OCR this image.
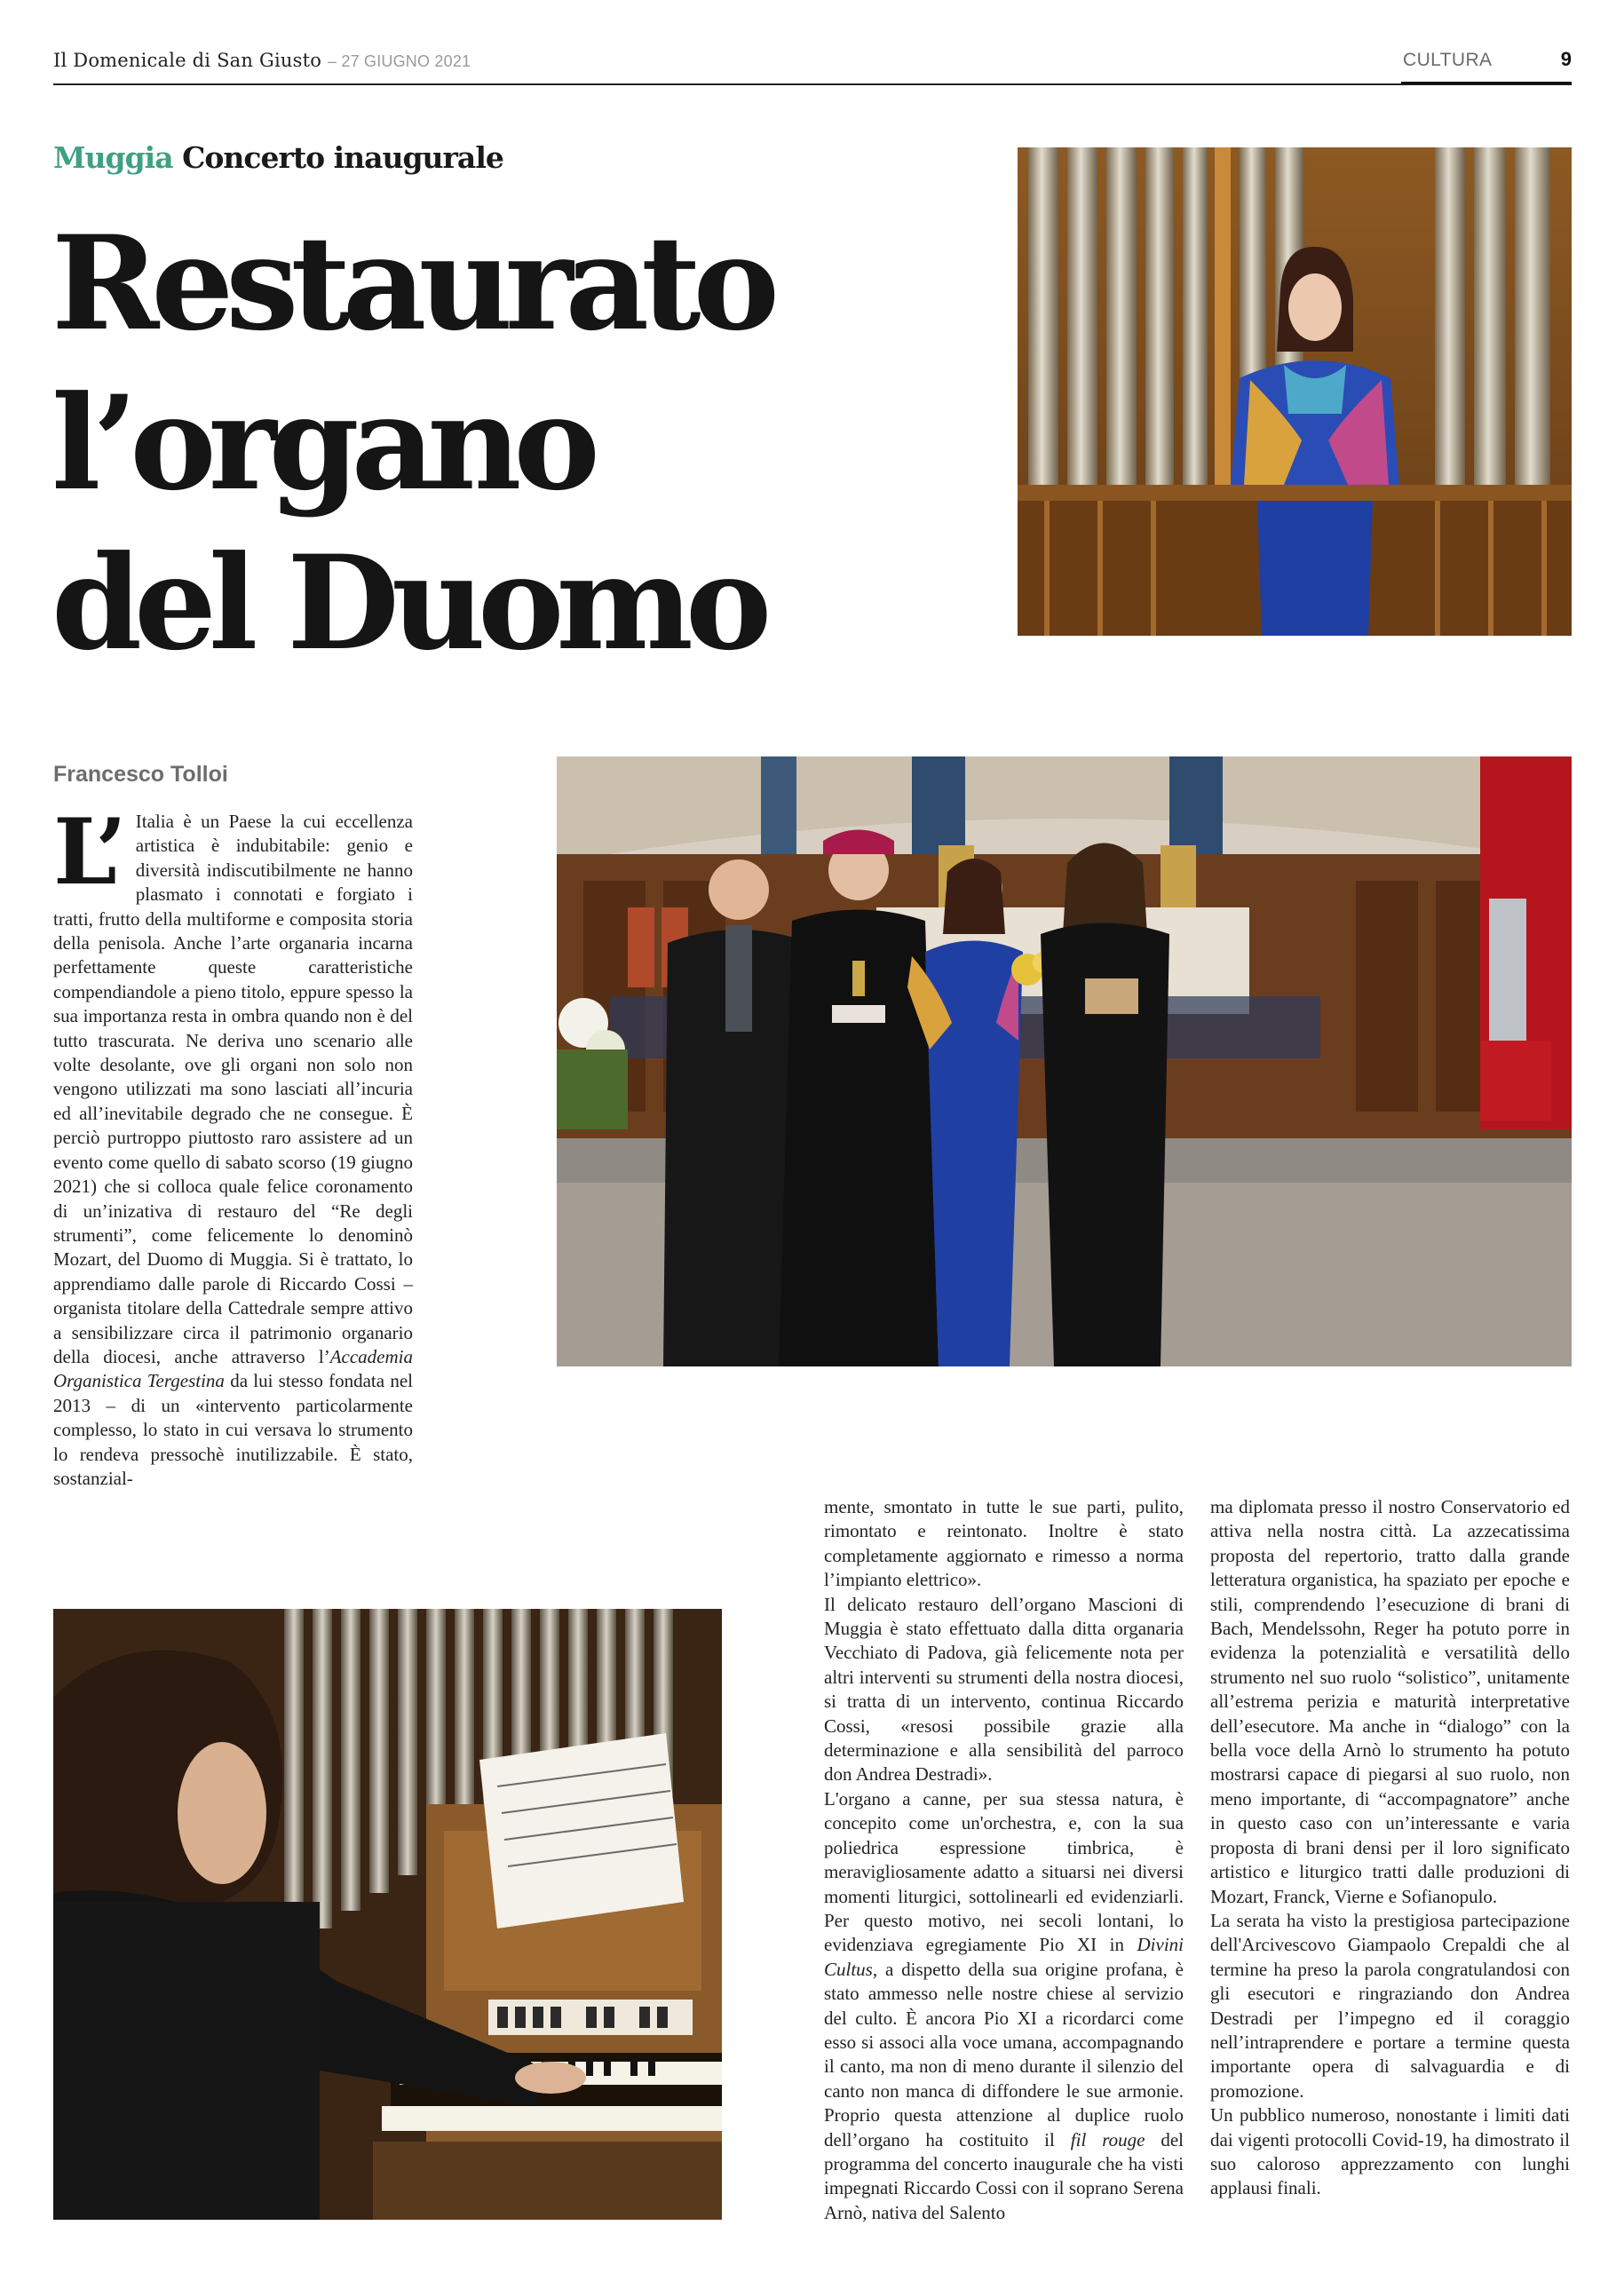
Il Domenicale di San Giusto – 27 GIUGNO 2021	CULTURA	9
Muggia Concerto inaugurale
Restaurato
l’organo
del Duomo
Francesco Tolloi

L’ Italia è un Paese la cui eccellenza artistica è indubitabile: genio e diversità indiscutibilmente ne hanno plasmato i connotati e forgiato i tratti, frutto della multiforme e composita storia della penisola. Anche l’arte organaria incarna perfettamente queste caratteristiche compendiandole a pieno titolo, eppure spesso la sua importanza resta in ombra quando non è del tutto trascurata. Ne deriva uno scenario alle volte desolante, ove gli organi non solo non vengono utilizzati ma sono lasciati all’incuria ed all’inevitabile degrado che ne consegue. È perciò purtroppo piuttosto raro assistere ad un evento come quello di sabato scorso (19 giugno 2021) che si colloca quale felice coronamento di un’inizativa di restauro del “Re degli strumenti”, come felicemente lo denominò Mozart, del Duomo di Muggia. Si è trattato, lo apprendiamo dalle parole di Riccardo Cossi – organista titolare della Cattedrale sempre attivo a sensibilizzare circa il patrimonio organario della diocesi, anche attraverso l’Accademia Organistica Tergestina da lui stesso fondata nel 2013 – di un «intervento particolarmente complesso, lo stato in cui versava lo strumento lo rendeva pressochè inutilizzabile. È stato, sostanzial-

mente, smontato in tutte le sue parti, pulito, rimontato e reintonato. Inoltre è stato completamente aggiornato e rimesso a norma l’impianto elettrico».

Il delicato restauro dell’organo Mascioni di Muggia è stato effettuato dalla ditta organaria Vecchiato di Padova, già felicemente nota per altri interventi su strumenti della nostra diocesi, si tratta di un intervento, continua Riccardo Cossi, «resosi possibile grazie alla determinazione e alla sensibilità del parroco don Andrea Destradi».

L'organo a canne, per sua stessa natura, è concepito come un'orchestra, e, con la sua poliedrica espressione timbrica, è meravigliosamente adatto a situarsi nei diversi momenti liturgici, sottolinearli ed evidenziarli. Per questo motivo, nei secoli lontani, lo evidenziava egregiamente Pio XI in Divini Cultus, a dispetto della sua origine profana, è stato ammesso nelle nostre chiese al servizio del culto. È ancora Pio XI a ricordarci come esso si associ alla voce umana, accompagnando il canto, ma non di meno durante il silenzio del canto non manca di diffondere le sue armonie. Proprio questa attenzione al duplice ruolo dell’organo ha costituito il fil rouge del programma del concerto inaugurale che ha visti impegnati Riccardo Cossi con il soprano Serena Arnò, nativa del Salento

ma diplomata presso il nostro Conservatorio ed attiva nella nostra città. La azzecatissima proposta del repertorio, tratto dalla grande letteratura organistica, ha spaziato per epoche e stili, comprendendo l’esecuzione di brani di Bach, Mendelssohn, Reger ha potuto porre in evidenza la potenzialità e versatilità dello strumento nel suo ruolo “solistico”, unitamente all’estrema perizia e maturità interpretative dell’esecutore. Ma anche in “dialogo” con la bella voce della Arnò lo strumento ha potuto mostrarsi capace di piegarsi al suo ruolo, non meno importante, di “accompagnatore” anche in questo caso con un’interessante e varia proposta di brani densi per il loro significato artistico e liturgico tratti dalle produzioni di Mozart, Franck, Vierne e Sofianopulo.

La serata ha visto la prestigiosa partecipazione dell'Arcivescovo Giampaolo Crepaldi che al termine ha preso la parola congratulandosi con gli esecutori e ringraziando don Andrea Destradi per l’impegno ed il coraggio nell’intraprendere e portare a termine questa importante opera di salvaguardia e di promozione.

Un pubblico numeroso, nonostante i limiti dati dai vigenti protocolli Covid-19, ha dimostrato il suo caloroso apprezzamento con lunghi applausi finali.
